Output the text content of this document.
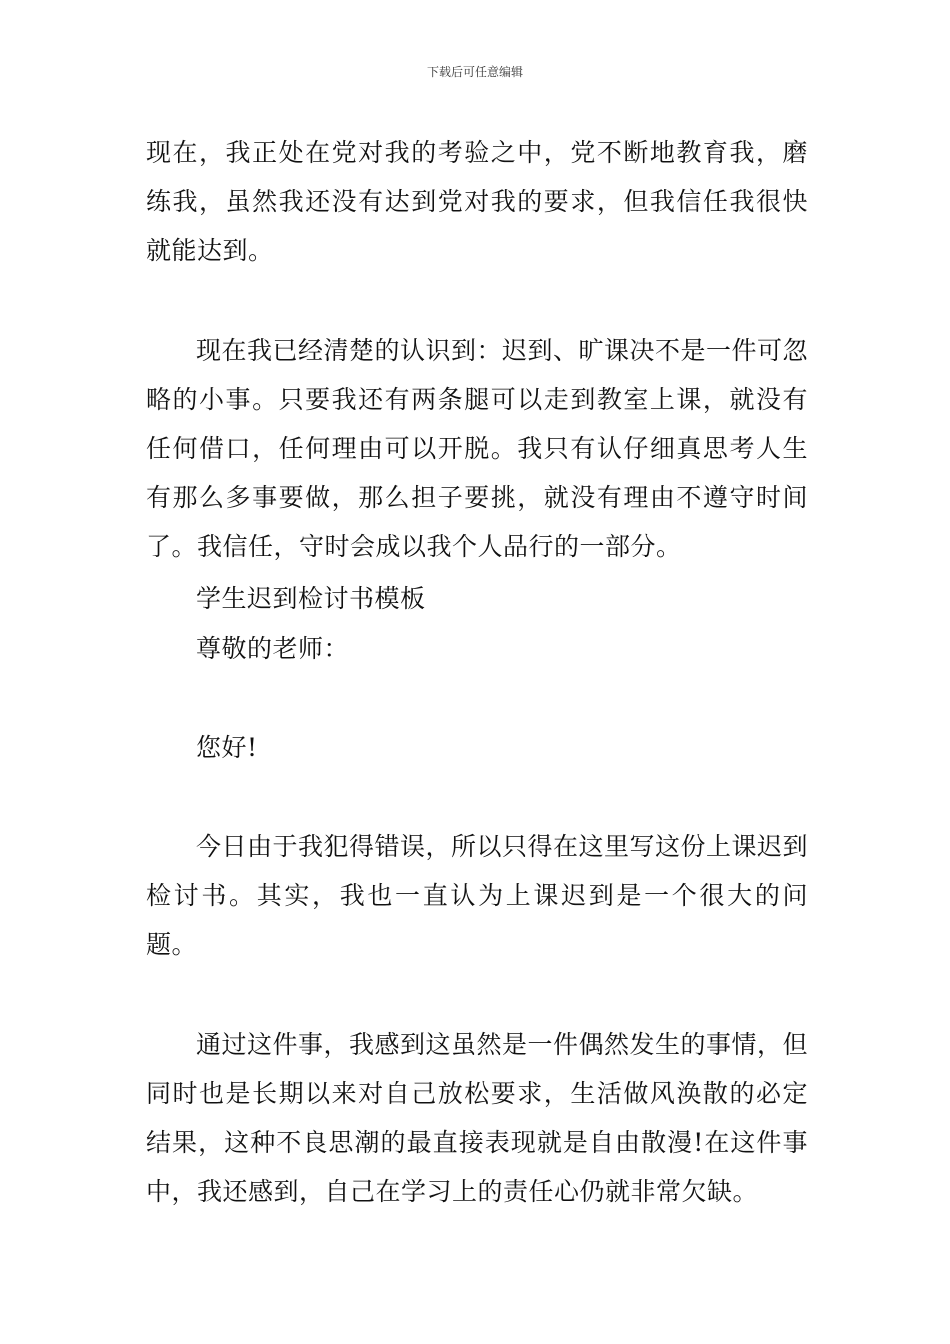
下载后可任意编辑

现在，我正处在党对我的考验之中，党不断地教育我，磨练我，虽然我还没有达到党对我的要求，但我信任我很快就能达到。

现在我已经清楚的认识到：迟到、旷课决不是一件可忽略的小事。只要我还有两条腿可以走到教室上课，就没有任何借口，任何理由可以开脱。我只有认仔细真思考人生有那么多事要做，那么担子要挑，就没有理由不遵守时间了。我信任，守时会成以我个人品行的一部分。

学生迟到检讨书模板

尊敬的老师：

您好!

今日由于我犯得错误，所以只得在这里写这份上课迟到检讨书。其实，我也一直认为上课迟到是一个很大的问题。

通过这件事，我感到这虽然是一件偶然发生的事情，但同时也是长期以来对自己放松要求，生活做风涣散的必定结果，这种不良思潮的最直接表现就是自由散漫!在这件事中，我还感到，自己在学习上的责任心仍就非常欠缺。
